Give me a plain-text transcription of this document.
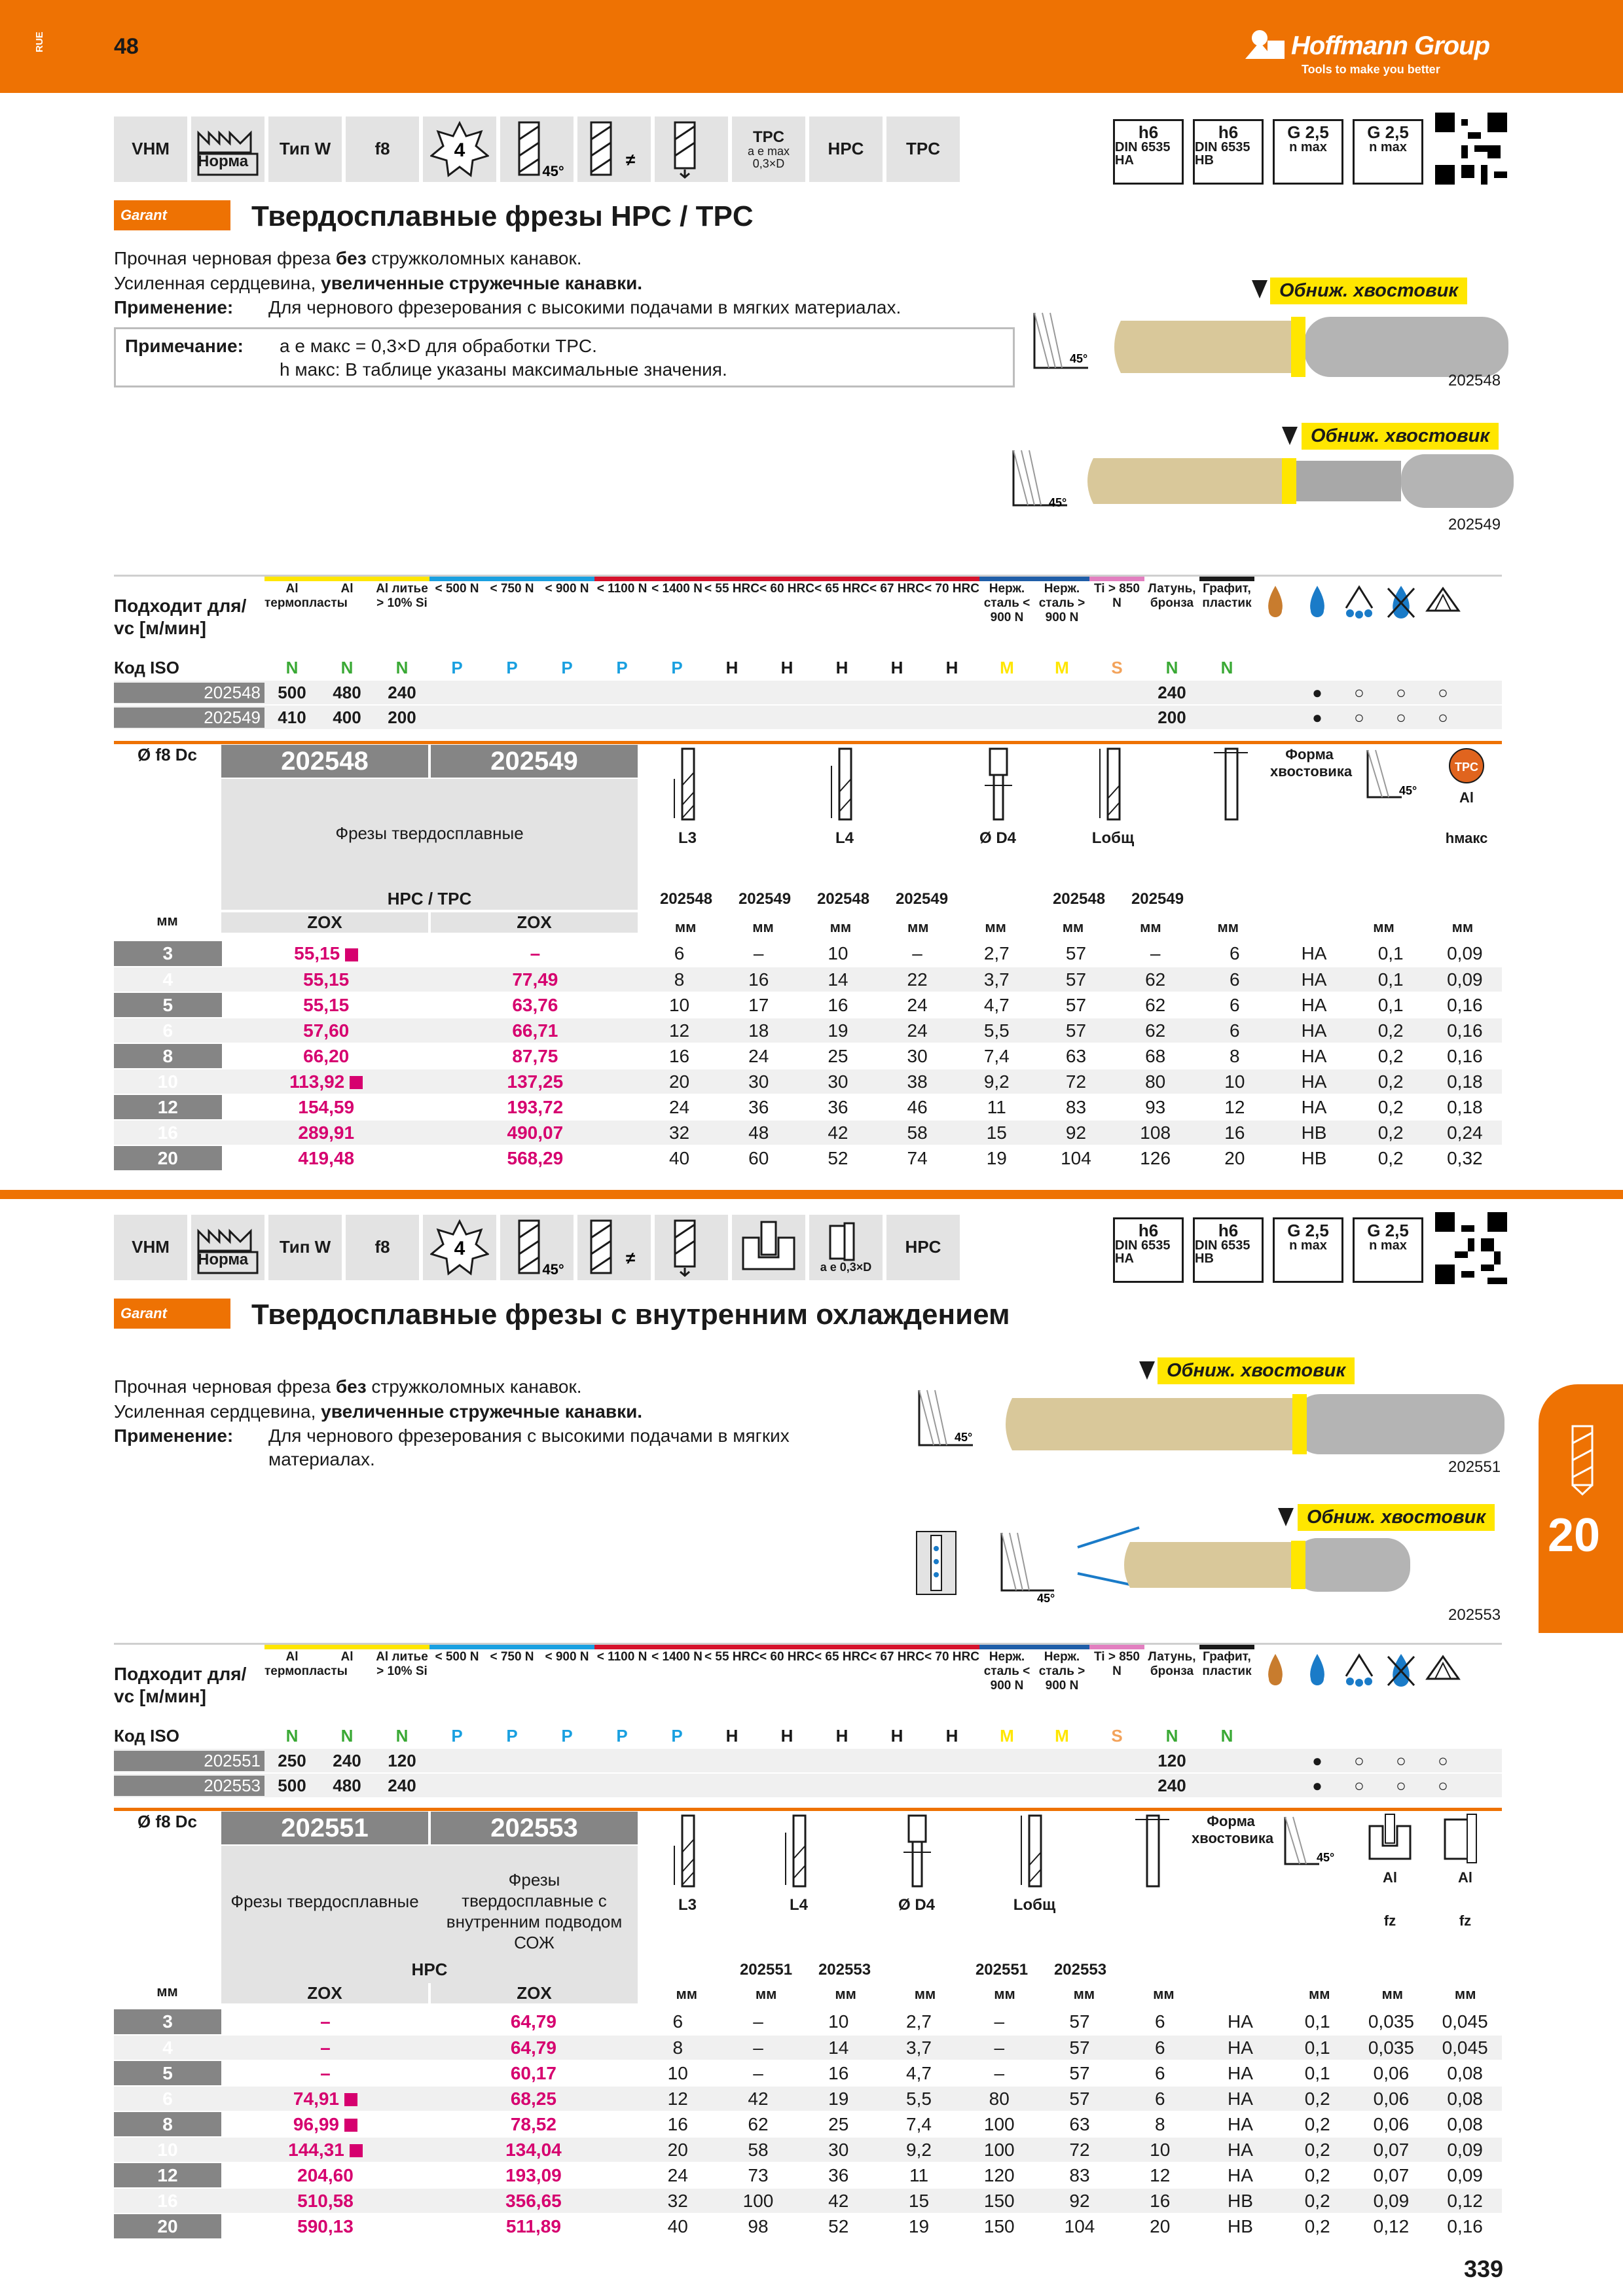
RUE	48	Hoffmann Group
Tools to make you better
VHM
Норма
Тип W	f8	4
45°
≠
TPC
a e max 0,3×D
HPC	TPC
h6
DIN 6535 HA
h6
DIN 6535 HB
G 2,5
n max
G 2,5
n max
Garant	Твердосплавные фрезы HPC / TPC
Прочная черновая фреза без стружколомных канавок.
Усиленная сердцевина, увеличенные стружечные канавки.
Применение:	Для чернового фрезерования с высокими подачами в мягких материалах.
Примечание:	a e макс = 0,3×D для обработки TPC.
h макс: В таблице указаны максимальные значения.
45°
Обниж. хвостовик
202548
45°
Обниж. хвостовик
202549
Подходит для/
vc [м/мин]
Al термопласты
Al	Al литье > 10% Si
< 500 N < 750 N < 900 N < 1100 N < 1400 N < 55 HRC < 60 HRC < 65 HRC < 67 HRC < 70 HRC Нерж. сталь < 900 N
Нерж. сталь > 900 N
Ti > 850 N
Латунь, бронза
Графит, пластик
Код ISO	N	N	N	P	P	P	P	P	H	H	H	H	H	M	M	S	N	N
202548	500	480	240	240	●	○	○	○
202549	410	400	200	200	●	○	○	○
Ø f8 Dc	202548	202549
Фрезы твердосплавные
HPC / TPC
ZOX	ZOX
мм
L3	L4	Ø D4	Lобщ
Форма хвостовика
45°
TPC
Al
hмакс
202548	202549	202548	202549	202548	202549
мм	мм	мм	мм	мм	мм	мм	мм	мм	мм
3	55,15	–	6	–	10	–	2,7	57	–	6	HA	0,1	0,09
4	55,15	77,49	8	16	14	22	3,7	57	62	6	HA	0,1	0,09
5	55,15	63,76	10	17	16	24	4,7	57	62	6	HA	0,1	0,16
6	57,60	66,71	12	18	19	24	5,5	57	62	6	HA	0,2	0,16
8	66,20	87,75	16	24	25	30	7,4	63	68	8	HA	0,2	0,16
10	113,92	137,25	20	30	30	38	9,2	72	80	10	HA	0,2	0,18
12	154,59	193,72	24	36	36	46	11	83	93	12	HA	0,2	0,18
16	289,91	490,07	32	48	42	58	15	92	108	16	HB	0,2	0,24
20	419,48	568,29	40	60	52	74	19	104	126	20	HB	0,2	0,32
VHM
Норма
Тип W	f8	4
45°
≠	a e 0,3×D
HPC
h6
DIN 6535 HA
h6
DIN 6535 HB
G 2,5
n max
G 2,5
n max
Garant	Твердосплавные фрезы с внутренним охлаждением
Прочная черновая фреза без стружколомных канавок.
Усиленная сердцевина, увеличенные стружечные канавки.
Применение:	Для чернового фрезерования с высокими подачами в мягких материалах.
45°
Обниж. хвостовик
202551
45°
Обниж. хвостовик
202553
20
Подходит для/
vc [м/мин]
Al термопласты
Al	Al литье > 10% Si
< 500 N < 750 N < 900 N < 1100 N < 1400 N < 55 HRC < 60 HRC < 65 HRC < 67 HRC < 70 HRC Нерж. сталь < 900 N
Нерж. сталь > 900 N
Ti > 850 N
Латунь, бронза
Графит, пластик
Код ISO	N	N	N	P	P	P	P	P	H	H	H	H	H	M	M	S	N	N
202551	250	240	120	120	●	○	○	○
202553	500	480	240	240	●	○	○	○
Ø f8 Dc	202551	202553
Фрезы твердосплавные
Фрезы твердосплавные с внутренним подводом СОЖ
HPC
ZOX	ZOX
мм
L3	L4	Ø D4	Lобщ
Форма хвостовика
45°
Al
fz
Al
fz
202551	202553	202551	202553
мм	мм	мм	мм	мм	мм	мм	мм	мм	мм
3	–	64,79	6	–	10	2,7	–	57	6	HA	0,1	0,035	0,045
4	–	64,79	8	–	14	3,7	–	57	6	HA	0,1	0,035	0,045
5	–	60,17	10	–	16	4,7	–	57	6	HA	0,1	0,06	0,08
6	74,91	68,25	12	42	19	5,5	80	57	6	HA	0,2	0,06	0,08
8	96,99	78,52	16	62	25	7,4	100	63	8	HA	0,2	0,06	0,08
10	144,31	134,04	20	58	30	9,2	100	72	10	HA	0,2	0,07	0,09
12	204,60	193,09	24	73	36	11	120	83	12	HA	0,2	0,07	0,09
16	510,58	356,65	32	100	42	15	150	92	16	HB	0,2	0,09	0,12
20	590,13	511,89	40	98	52	19	150	104	20	HB	0,2	0,12	0,16
339
